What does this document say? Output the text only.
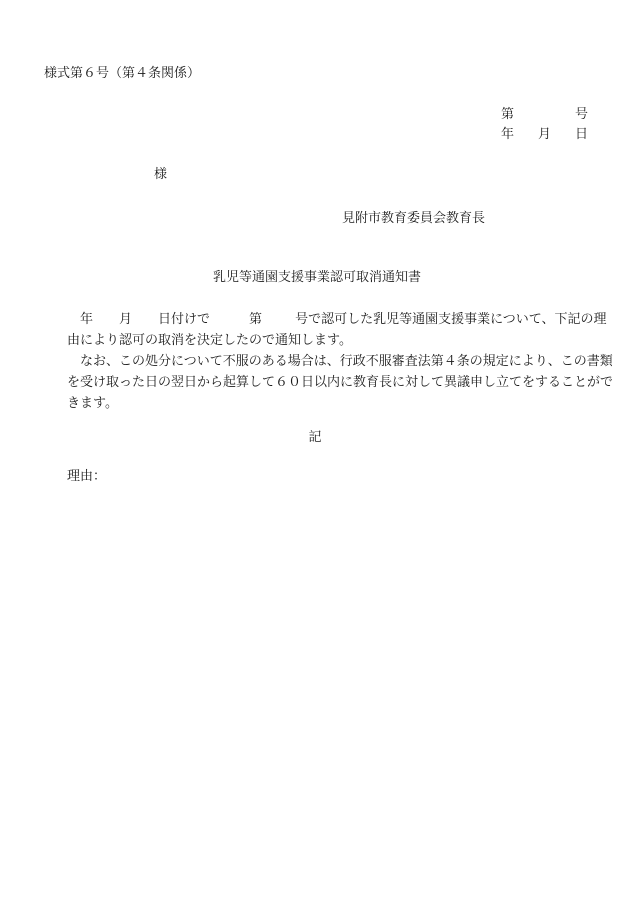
様式第６号（第４条関係）
第	号
年 月 日
様
見附市教育委員会教育長
乳児等通園支援事業認可取消通知書
年 月 日付けで	第	号で認可した乳児等通園支援事業について、下記の理
由により認可の取消を決定したので通知します。
なお、この処分について不服のある場合は、行政不服審査法第４条の規定により、この書類
を受け取った日の翌日から起算して６０日以内に教育長に対して異議申し立てをすることがで
きます。
記
理由：
